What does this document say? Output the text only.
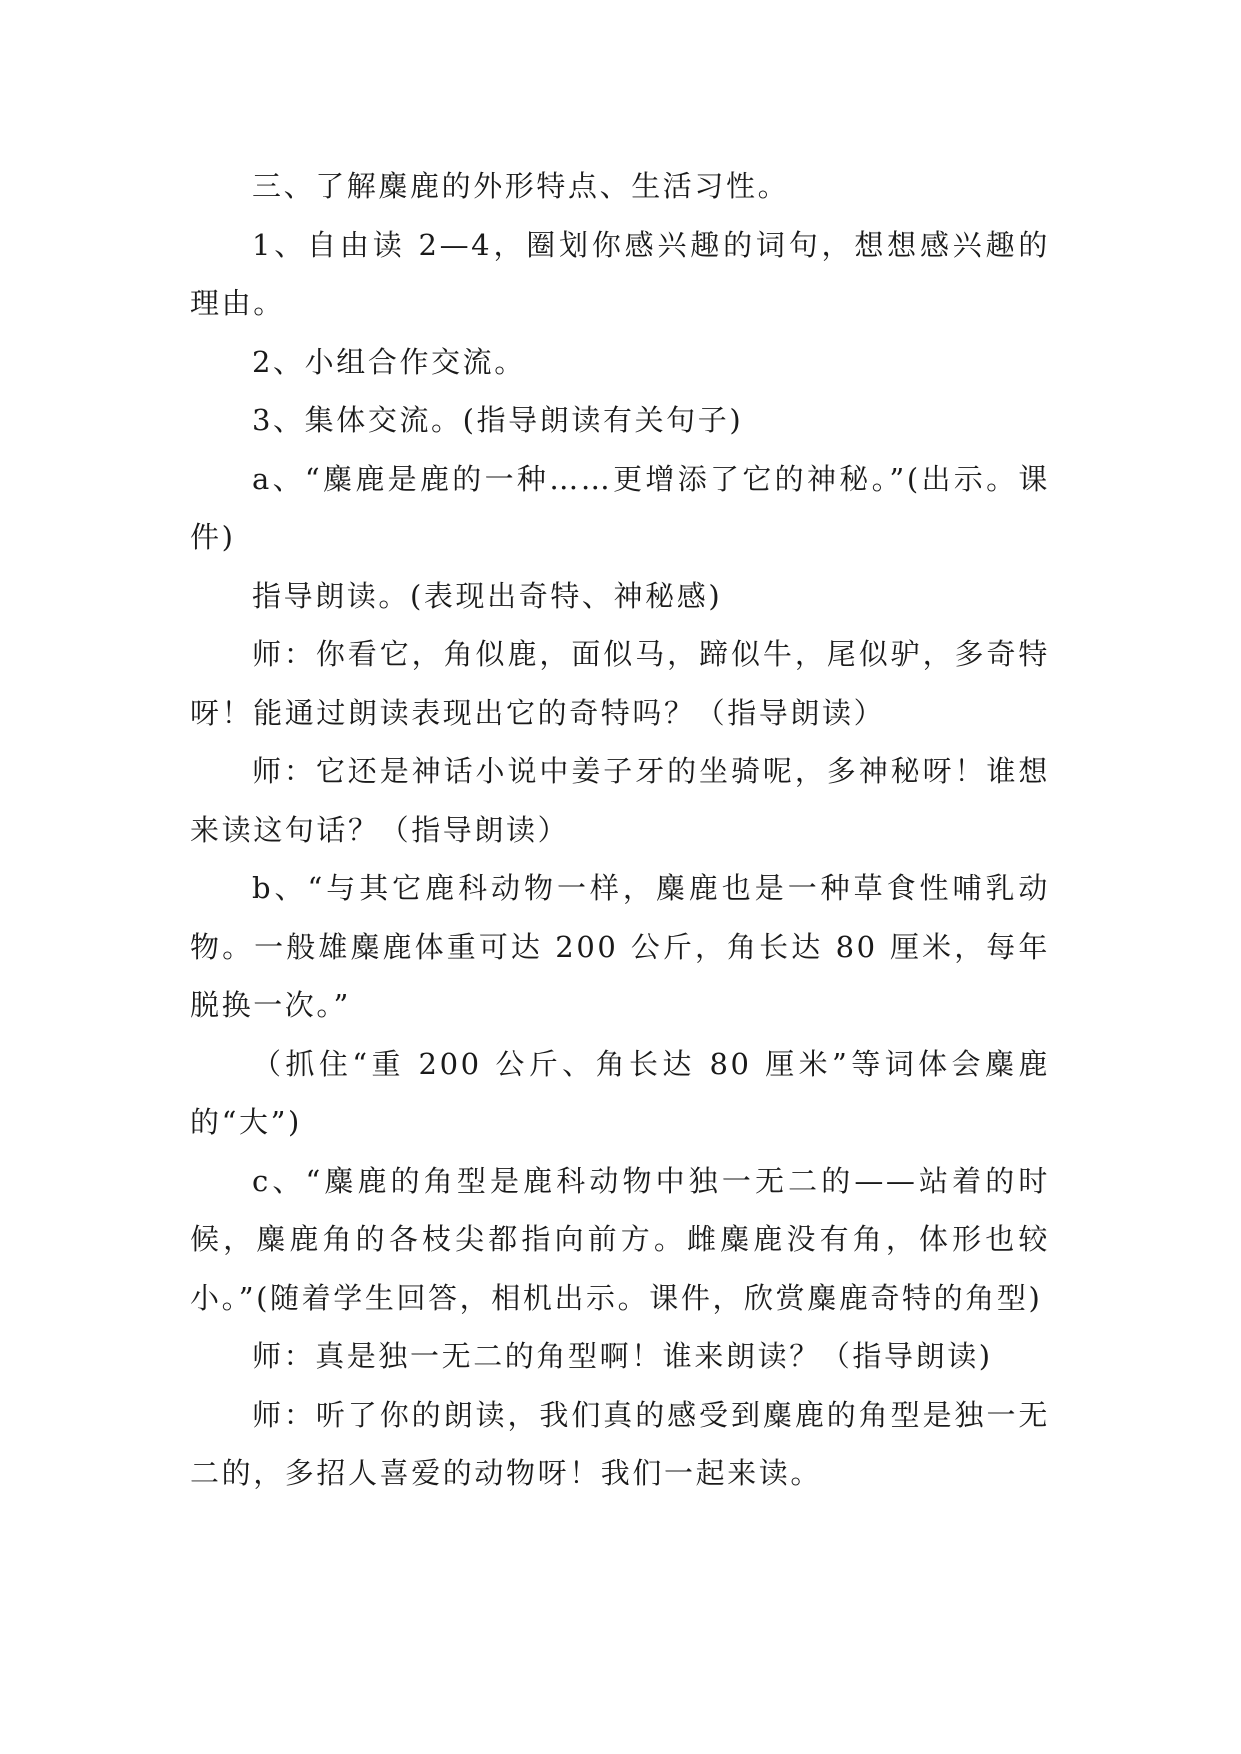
三、了解麋鹿的外形特点、生活习性。

1、自由读 2—4，圈划你感兴趣的词句，想想感兴趣的理由。

2、小组合作交流。

3、集体交流。(指导朗读有关句子)

a、“麋鹿是鹿的一种……更增添了它的神秘。”(出示。课件)

指导朗读。(表现出奇特、神秘感)

师：你看它，角似鹿，面似马，蹄似牛，尾似驴，多奇特呀！能通过朗读表现出它的奇特吗？（指导朗读）

师：它还是神话小说中姜子牙的坐骑呢，多神秘呀！谁想来读这句话？（指导朗读）

b、“与其它鹿科动物一样，麋鹿也是一种草食性哺乳动物。一般雄麋鹿体重可达 200 公斤，角长达 80 厘米，每年脱换一次。”

（抓住“重 200 公斤、角长达 80 厘米”等词体会麋鹿的“大”)

c、“麋鹿的角型是鹿科动物中独一无二的——站着的时候，麋鹿角的各枝尖都指向前方。雌麋鹿没有角，体形也较小。”(随着学生回答，相机出示。课件，欣赏麋鹿奇特的角型)

师：真是独一无二的角型啊！谁来朗读？（指导朗读)

师：听了你的朗读，我们真的感受到麋鹿的角型是独一无二的，多招人喜爱的动物呀！我们一起来读。
